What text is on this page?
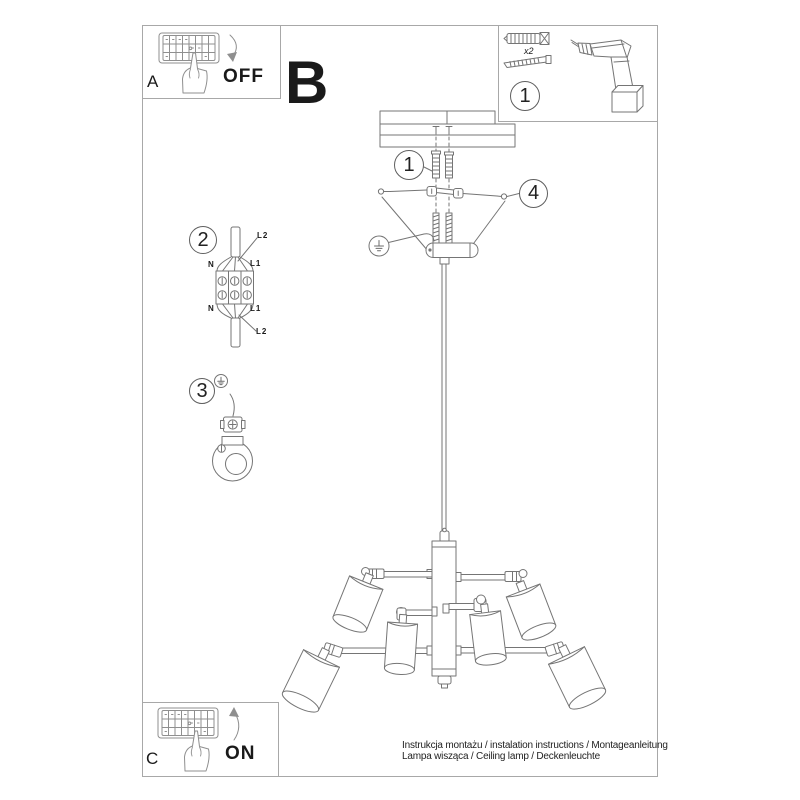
A	OFF B	x2
1
1
4
2	L2
N	L1
N	L1
L2
3
C	ON	Instrukcja montażu / instalation instructions / Montageanleitung
Lampa wisząca / Ceiling lamp / Deckenleuchte
